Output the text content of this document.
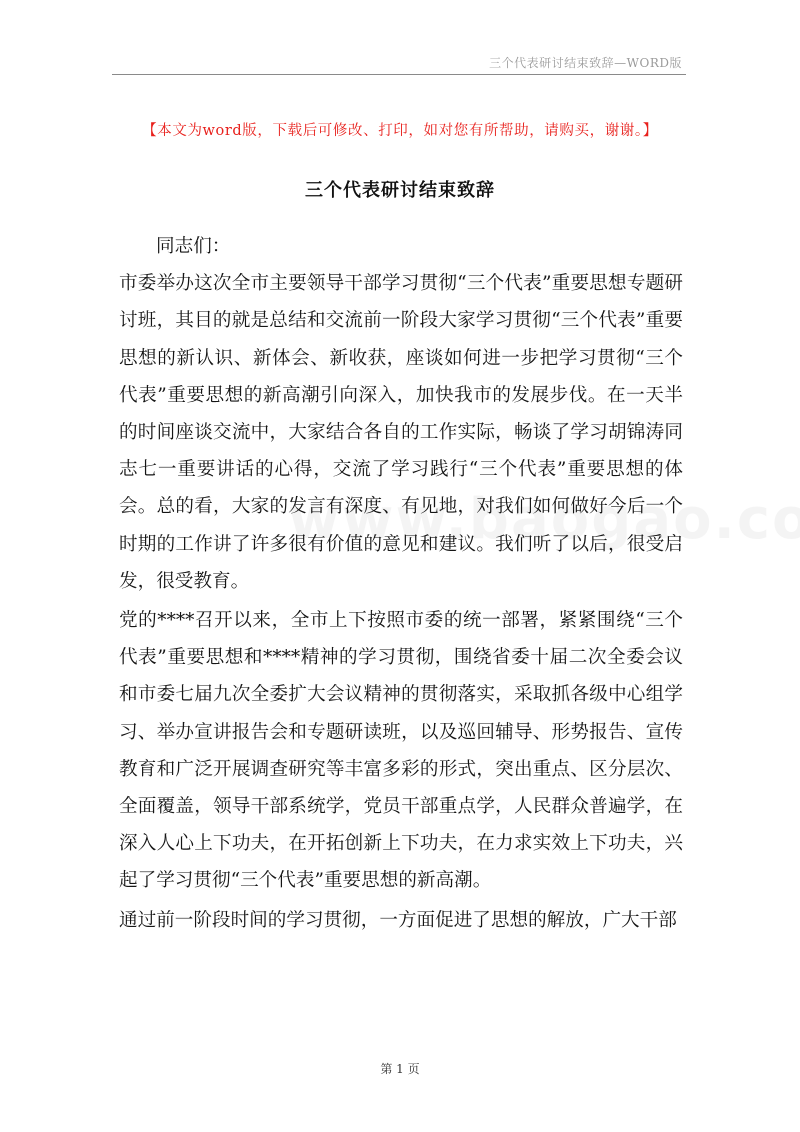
三个代表研讨结束致辞—WORD版
【本文为word版，下载后可修改、打印，如对您有所帮助，请购买，谢谢。】
三个代表研讨结束致辞

同志们：

市委举办这次全市主要领导干部学习贯彻“三个代表”重要思想专题研讨班，其目的就是总结和交流前一阶段大家学习贯彻“三个代表”重要思想的新认识、新体会、新收获，座谈如何进一步把学习贯彻“三个代表”重要思想的新高潮引向深入，加快我市的发展步伐。在一天半的时间座谈交流中，大家结合各自的工作实际，畅谈了学习胡锦涛同志七一重要讲话的心得，交流了学习践行“三个代表”重要思想的体会。总的看，大家的发言有深度、有见地，对我们如何做好今后一个时期的工作讲了许多很有价值的意见和建议。我们听了以后，很受启发，很受教育。

党的****召开以来，全市上下按照市委的统一部署，紧紧围绕“三个代表”重要思想和****精神的学习贯彻，围绕省委十届二次全委会议和市委七届九次全委扩大会议精神的贯彻落实，采取抓各级中心组学习、举办宣讲报告会和专题研读班，以及巡回辅导、形势报告、宣传教育和广泛开展调查研究等丰富多彩的形式，突出重点、区分层次、全面覆盖，领导干部系统学，党员干部重点学，人民群众普遍学，在深入人心上下功夫，在开拓创新上下功夫，在力求实效上下功夫，兴起了学习贯彻“三个代表”重要思想的新高潮。

通过前一阶段时间的学习贯彻，一方面促进了思想的解放，广大干部

第 1 页
